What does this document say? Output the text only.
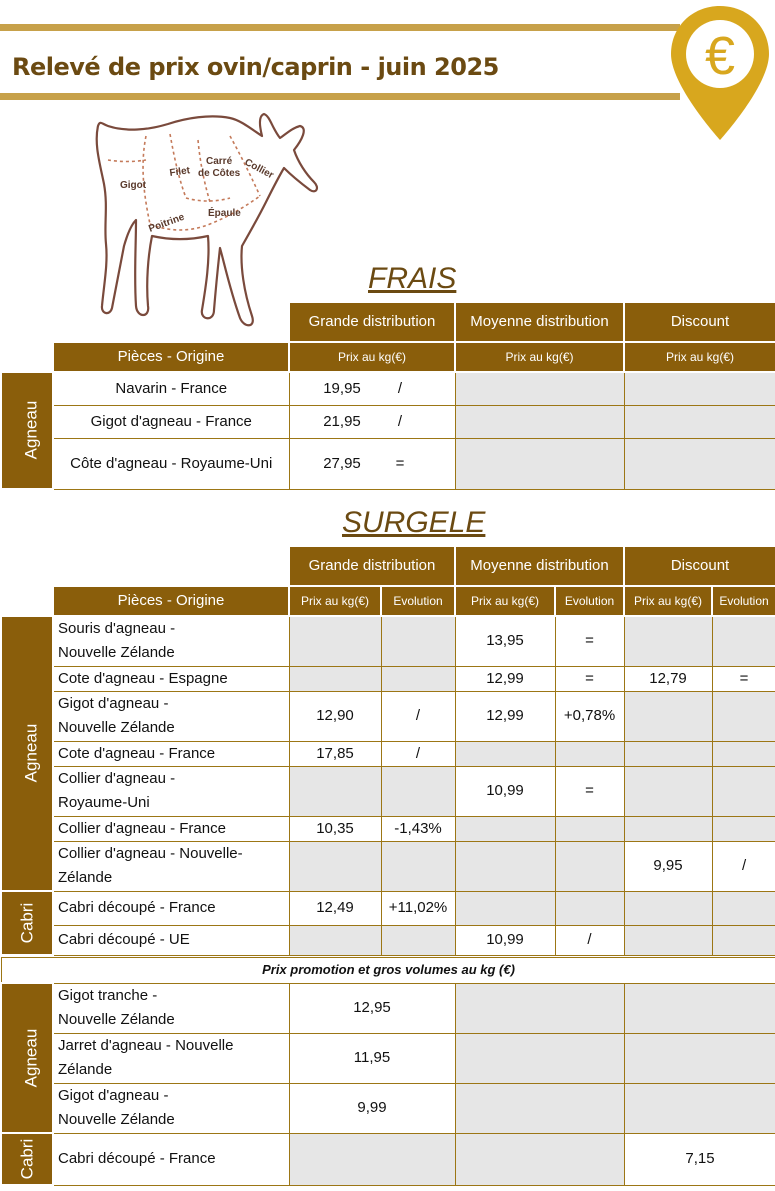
Relevé de prix ovin/caprin - juin 2025	€
Gigot
Filet
Carré
de Côtes Collier
Poitrine Épaule
FRAIS
		Grande distribution	Moyenne distribution	Discount
	Pièces - Origine	Prix au kg(€)	Prix au kg(€)	Prix au kg(€)
Agneau	Navarin - France	19,95 /		
	Gigot d'agneau - France	21,95 /		
	Côte d'agneau - Royaume-Uni	27,95 =		
SURGELE
		Grande distribution		Moyenne distribution		Discount	
	Pièces - Origine	Prix au kg(€)	Evolution	Prix au kg(€)	Evolution	Prix au kg(€)	Evolution
Agneau	Souris d'agneau -
Nouvelle Zélande			13,95	=		

	Cote d'agneau - Espagne			12,99	=	12,79	=

	Gigot d'agneau -
Nouvelle Zélande	12,90	/	12,99	+0,78%		

	Cote d'agneau - France	17,85	/				

	Collier d'agneau -
Royaume-Uni			10,99	=		

	Collier d'agneau - France	10,35	-1,43%				

	Collier d'agneau - Nouvelle-
Zélande					9,95	/
Cabri	Cabri découpé - France	12,49	+11,02%				

	Cabri découpé - UE			10,99	/		
Prix promotion et gros volumes au kg (€)				
Agneau	Gigot tranche -
Nouvelle Zélande	12,95		

	Jarret d'agneau - Nouvelle
Zélande	11,95		

	Gigot d'agneau -
Nouvelle Zélande	9,99		
Cabri	Cabri découpé - France			7,15
